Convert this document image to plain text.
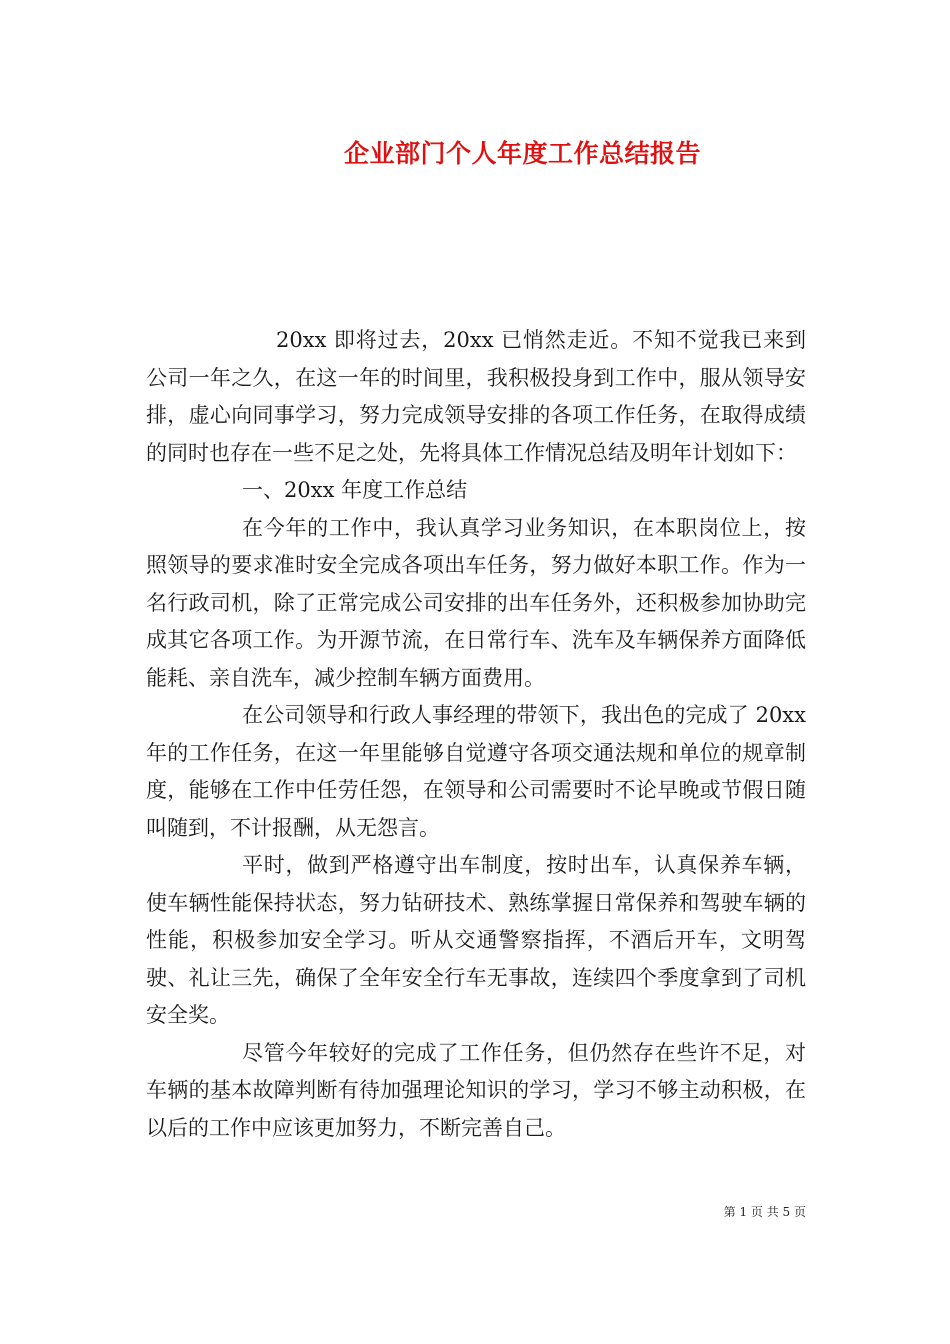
企业部门个人年度工作总结报告

20xx 即将过去，20xx 已悄然走近。不知不觉我已来到公司一年之久，在这一年的时间里，我积极投身到工作中，服从领导安排，虚心向同事学习，努力完成领导安排的各项工作任务，在取得成绩的同时也存在一些不足之处，先将具体工作情况总结及明年计划如下：

一、20xx 年度工作总结

在今年的工作中，我认真学习业务知识，在本职岗位上，按照领导的要求准时安全完成各项出车任务，努力做好本职工作。作为一名行政司机，除了正常完成公司安排的出车任务外，还积极参加协助完成其它各项工作。为开源节流，在日常行车、洗车及车辆保养方面降低能耗、亲自洗车，减少控制车辆方面费用。

在公司领导和行政人事经理的带领下，我出色的完成了 20xx 年的工作任务，在这一年里能够自觉遵守各项交通法规和单位的规章制度，能够在工作中任劳任怨，在领导和公司需要时不论早晚或节假日随叫随到，不计报酬，从无怨言。

平时，做到严格遵守出车制度，按时出车，认真保养车辆，使车辆性能保持状态，努力钻研技术、熟练掌握日常保养和驾驶车辆的性能，积极参加安全学习。听从交通警察指挥，不酒后开车，文明驾驶、礼让三先，确保了全年安全行车无事故，连续四个季度拿到了司机安全奖。

尽管今年较好的完成了工作任务，但仍然存在些许不足，对车辆的基本故障判断有待加强理论知识的学习，学习不够主动积极，在以后的工作中应该更加努力，不断完善自己。

第 1 页 共 5 页
